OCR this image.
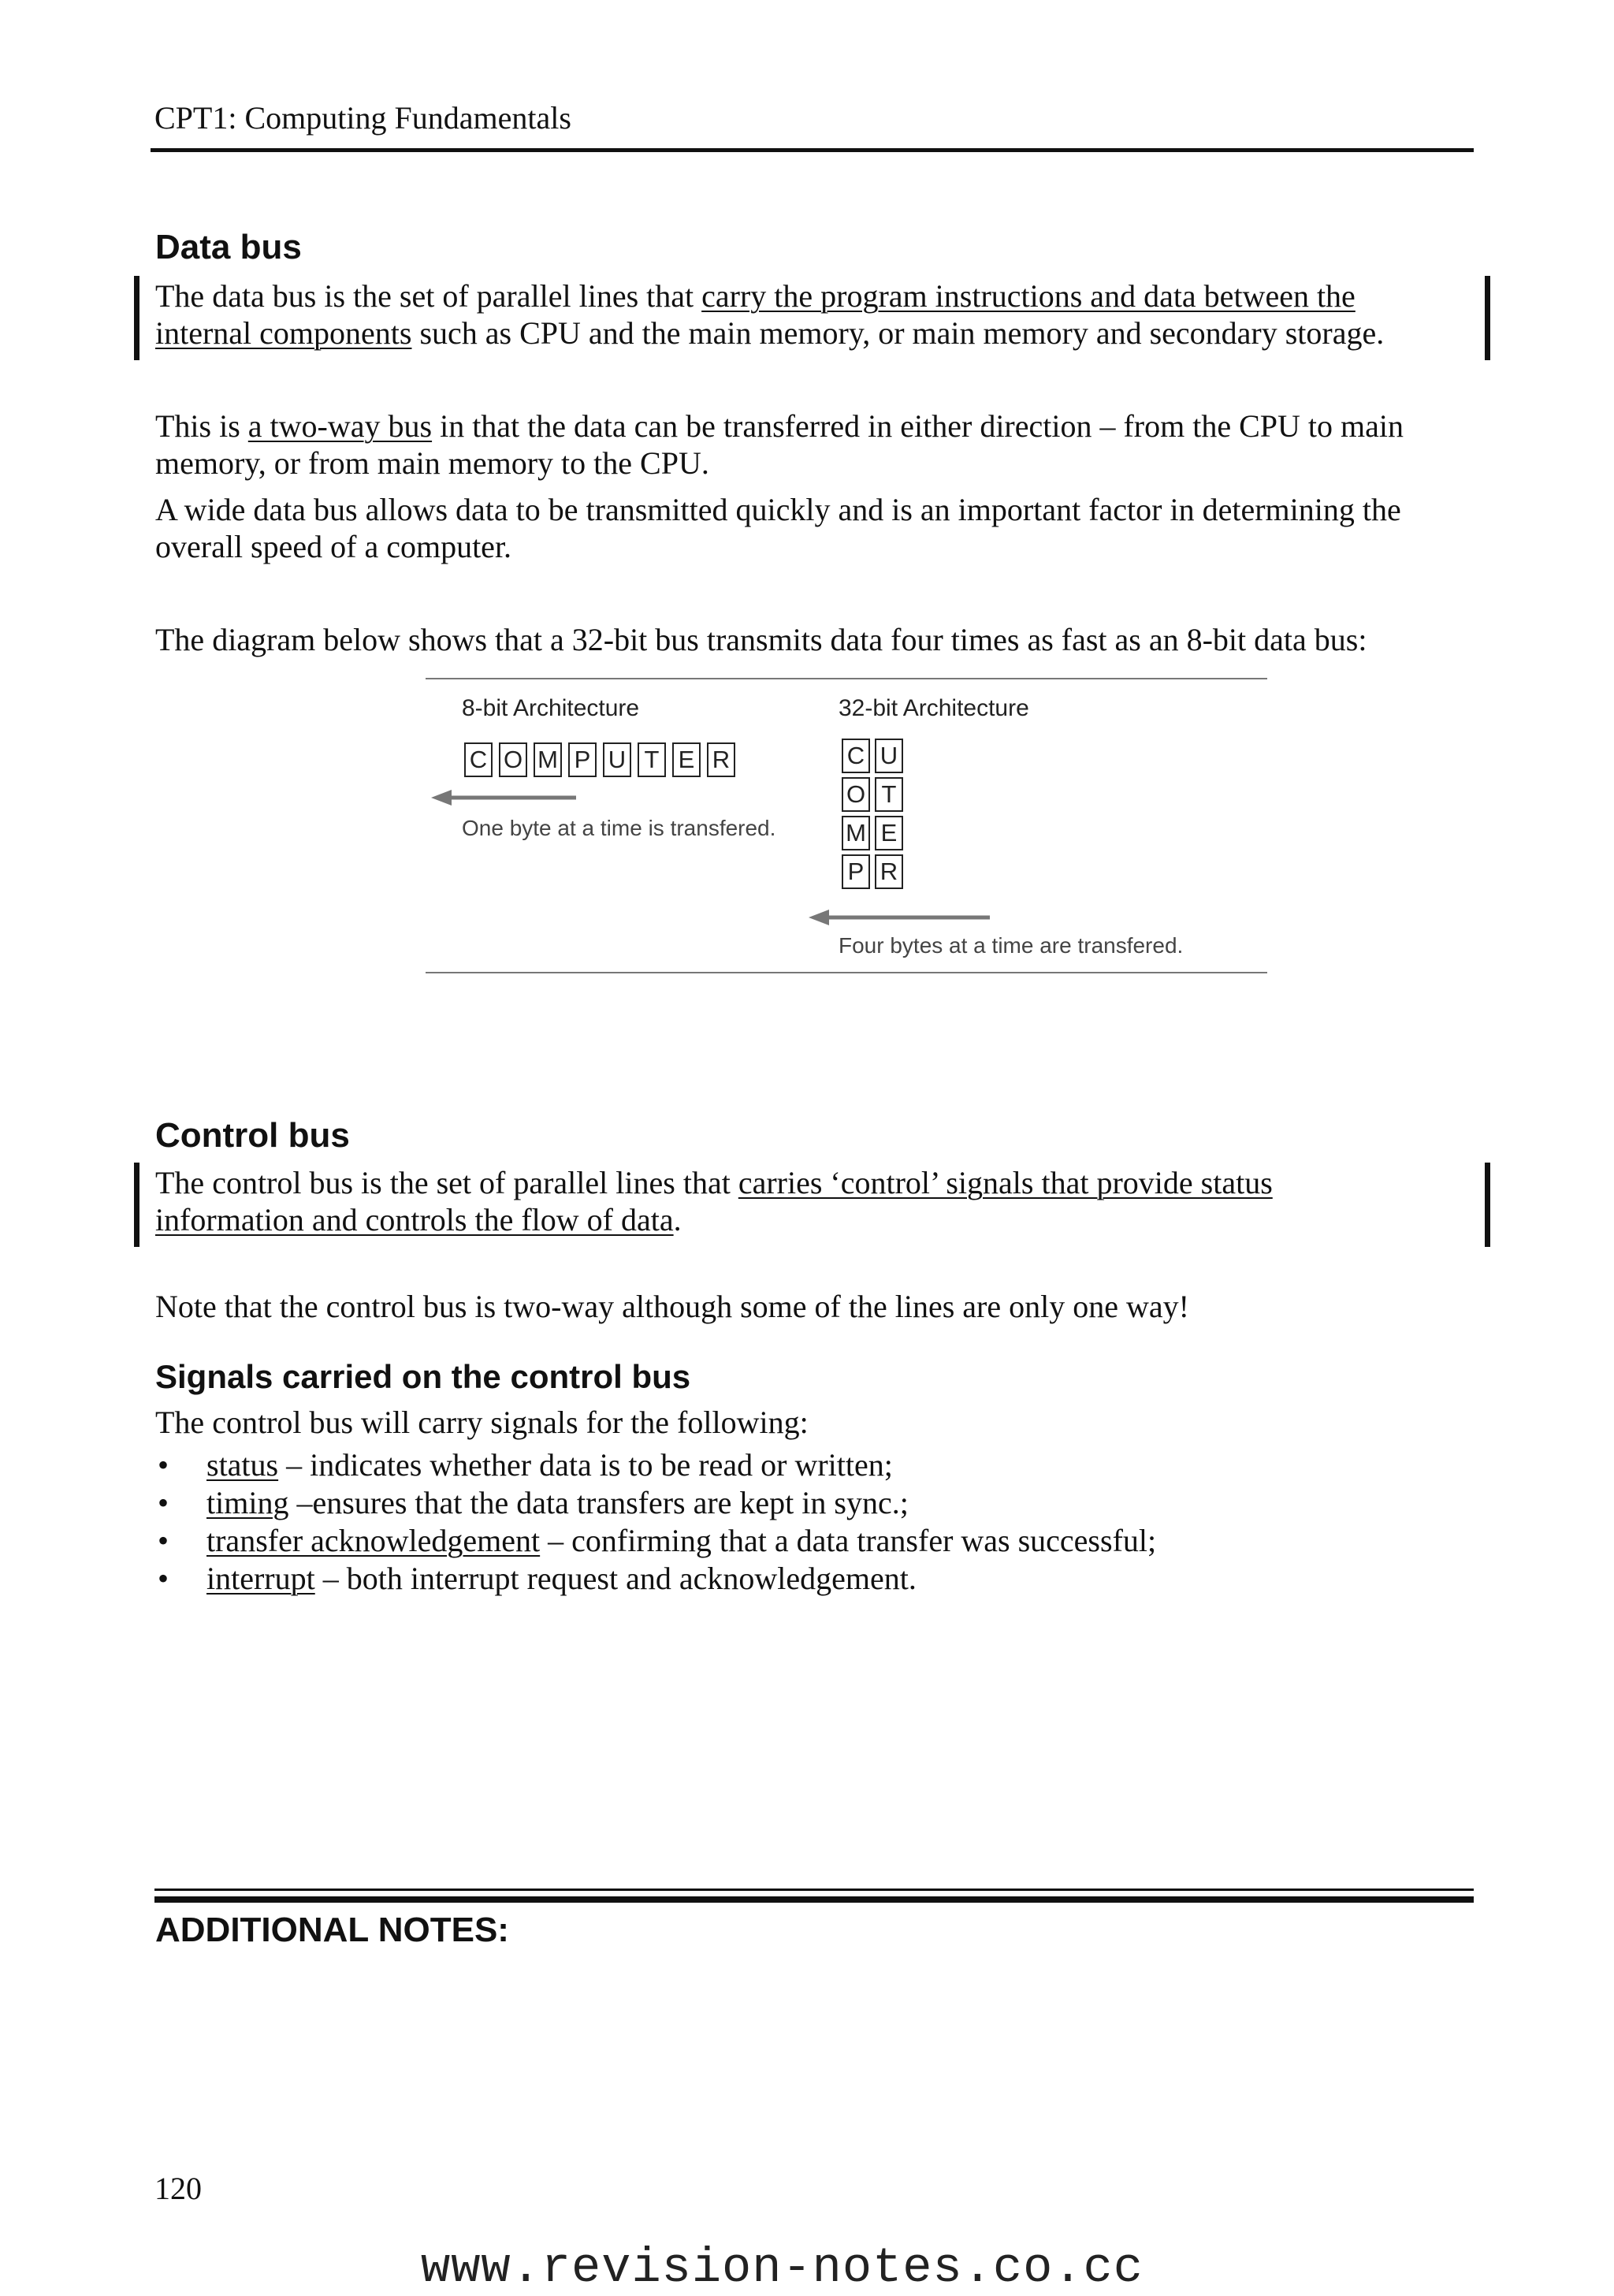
CPT1: Computing Fundamentals
Data bus
The data bus is the set of parallel lines that carry the program instructions and data between the
internal components such as CPU and the main memory, or main memory and secondary storage.
This is a two-way bus in that the data can be transferred in either direction – from the CPU to main
memory, or from main memory to the CPU.
A wide data bus allows data to be transmitted quickly and is an important factor in determining the
overall speed of a computer.
The diagram below shows that a 32-bit bus transmits data four times as fast as an 8-bit data bus:
8-bit Architecture
C O M P U T E R
One byte at a time is transfered.
32-bit Architecture
C U
O T
M E
P R
Four bytes at a time are transfered.
Control bus
The control bus is the set of parallel lines that carries ‘control’ signals that provide status
information and controls the flow of data.
Note that the control bus is two-way although some of the lines are only one way!
Signals carried on the control bus
The control bus will carry signals for the following:
• status – indicates whether data is to be read or written;
• timing –ensures that the data transfers are kept in sync.;
• transfer acknowledgement – confirming that a data transfer was successful;
• interrupt – both interrupt request and acknowledgement.
ADDITIONAL NOTES:
120
www.revision-notes.co.cc
